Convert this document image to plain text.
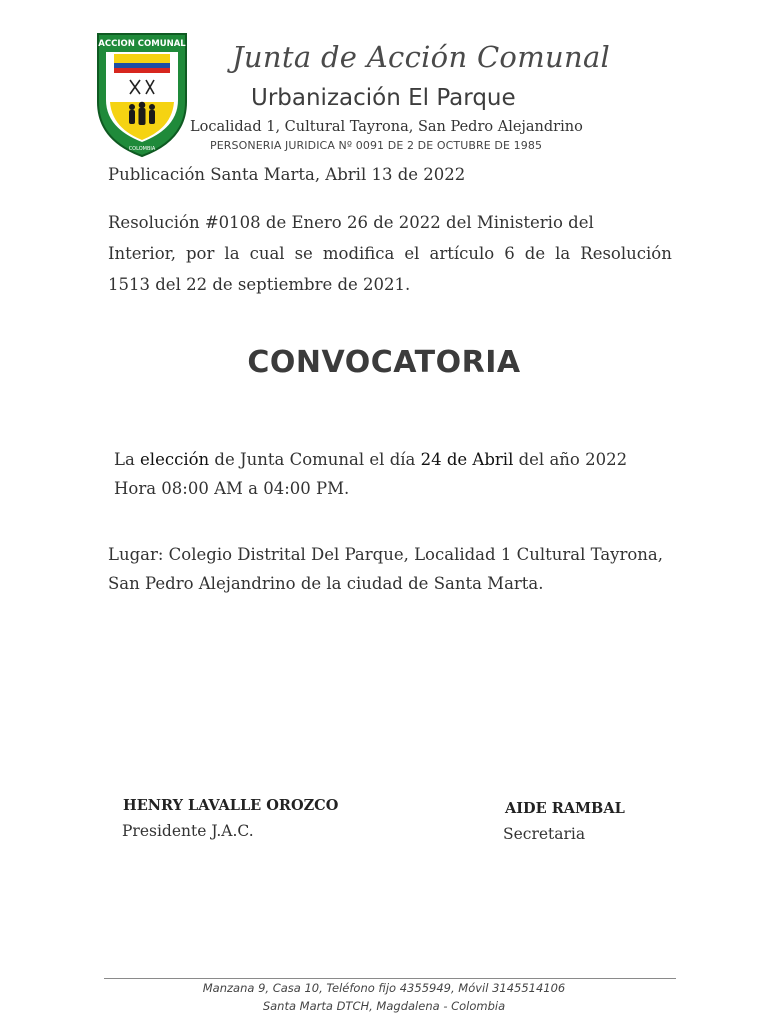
ACCION COMUNAL
COLOMBIA
Junta de Acción Comunal
Urbanización El Parque
Localidad 1, Cultural Tayrona, San Pedro Alejandrino
PERSONERIA JURIDICA Nº 0091 DE 2 DE OCTUBRE DE 1985
Publicación Santa Marta, Abril 13 de 2022
Resolución #0108 de Enero 26 de 2022 del Ministerio del
Interior, por la cual se modifica el artículo 6 de la Resolución
1513 del 22 de septiembre de 2021.
CONVOCATORIA
La elección de Junta Comunal el día 24 de Abril del año 2022
Hora 08:00 AM a 04:00 PM.
Lugar: Colegio Distrital Del Parque, Localidad 1 Cultural Tayrona,
San Pedro Alejandrino de la ciudad de Santa Marta.
HENRY LAVALLE OROZCO
Presidente J.A.C.
AIDE RAMBAL
Secretaria
Manzana 9, Casa 10, Teléfono fijo 4355949, Móvil 3145514106
Santa Marta DTCH, Magdalena - Colombia
